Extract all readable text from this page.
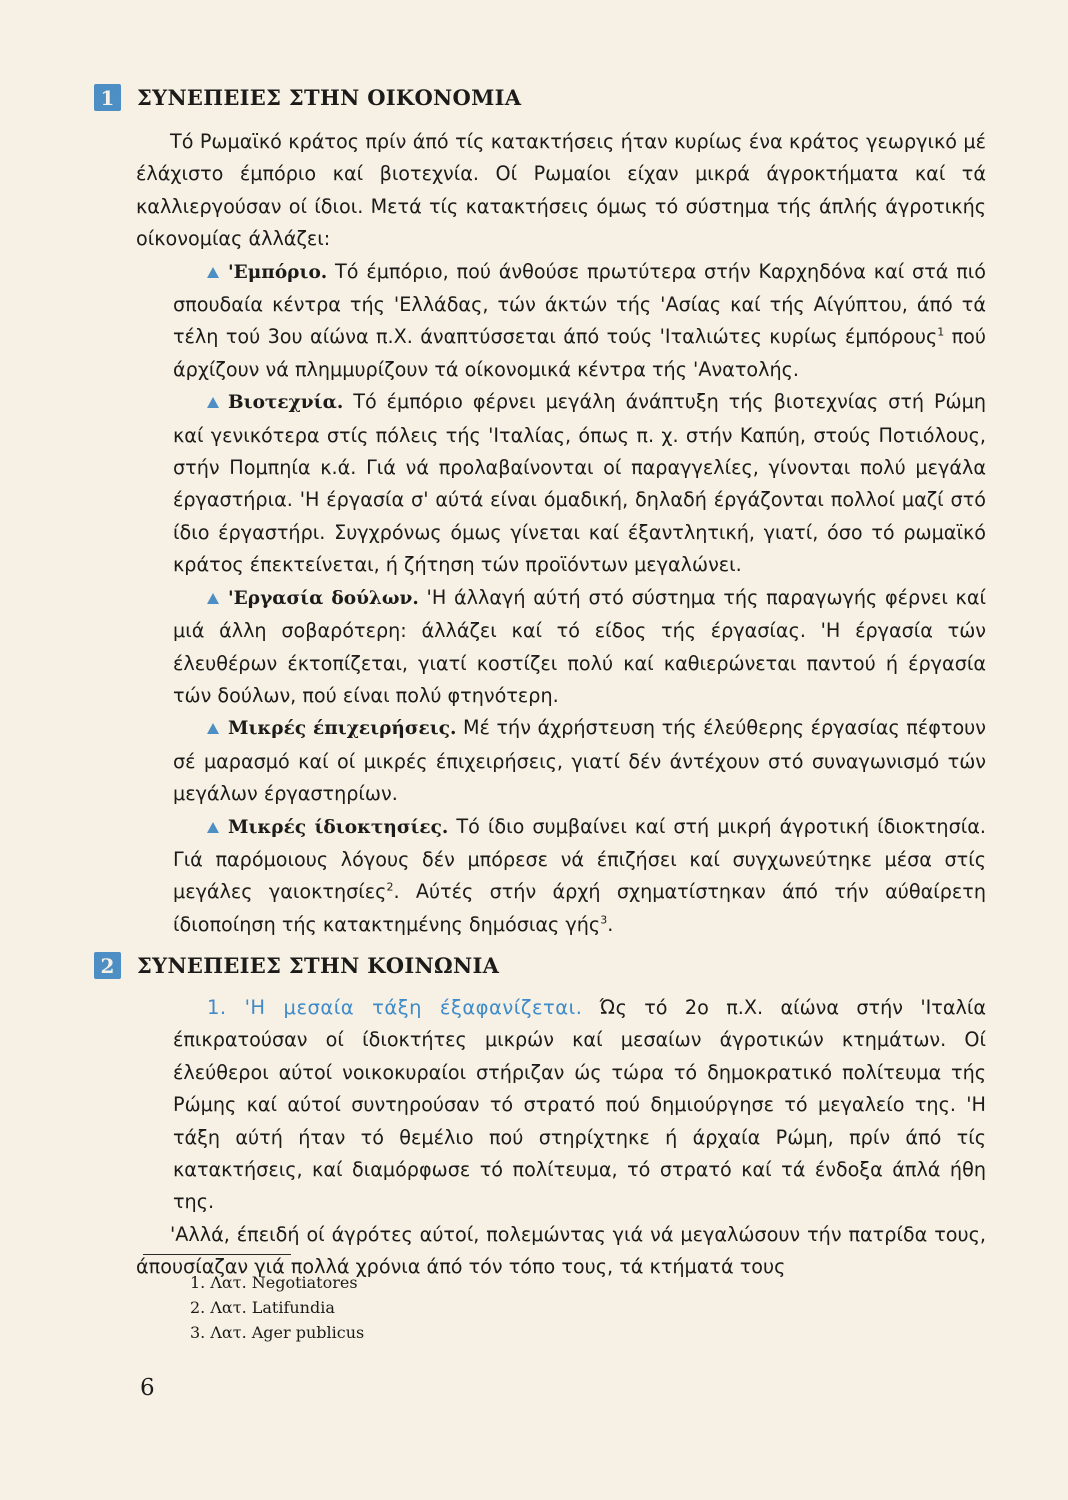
1	ΣΥΝΕΠΕΙΕΣ ΣΤΗΝ ΟΙΚΟΝΟΜΙΑ

Τό Ρωμαϊκό κράτος πρίν άπό τίς κατακτήσεις ήταν κυρίως ένα κράτος γεωργικό μέ έλάχιστο έμπόριο καί βιοτεχνία. Οί Ρωμαίοι είχαν μικρά άγροκτήματα καί τά καλλιεργούσαν οί ίδιοι. Μετά τίς κατακτήσεις όμως τό σύστημα τής άπλής άγροτικής οίκονομίας άλλάζει:

'Εμπόριο. Τό έμπόριο, πού άνθούσε πρωτύτερα στήν Καρχηδόνα καί στά πιό σπουδαία κέντρα τής 'Ελλάδας, τών άκτών τής 'Ασίας καί τής Αίγύπτου, άπό τά τέλη τού 3ου αίώνα π.Χ. άναπτύσσεται άπό τούς 'Ιταλιώτες κυρίως έμπόρους$^1$ πού άρχίζουν νά πλημμυρίζουν τά οίκονομικά κέντρα τής 'Ανατολής.

Βιοτεχνία. Τό έμπόριο φέρνει μεγάλη άνάπτυξη τής βιοτεχνίας στή Ρώμη καί γενικότερα στίς πόλεις τής 'Ιταλίας, όπως π. χ. στήν Καπύη, στούς Ποτιόλους, στήν Πομπηία κ.ά. Γιά νά προλαβαίνονται οί παραγγελίες, γίνονται πολύ μεγάλα έργαστήρια. 'Η έργασία σ' αύτά είναι όμαδική, δηλαδή έργάζονται πολλοί μαζί στό ίδιο έργαστήρι. Συγχρόνως όμως γίνεται καί έξαντλητική, γιατί, όσο τό ρωμαϊκό κράτος έπεκτείνεται, ή ζήτηση τών προϊόντων μεγαλώνει.

'Εργασία δούλων. 'Η άλλαγή αύτή στό σύστημα τής παραγωγής φέρνει καί μιά άλλη σοβαρότερη: άλλάζει καί τό είδος τής έργασίας. 'Η έργασία τών έλευθέρων έκτοπίζεται, γιατί κοστίζει πολύ καί καθιερώνεται παντού ή έργασία τών δούλων, πού είναι πολύ φτηνότερη.

Μικρές έπιχειρήσεις. Μέ τήν άχρήστευση τής έλεύθερης έργασίας πέφτουν σέ μαρασμό καί οί μικρές έπιχειρήσεις, γιατί δέν άντέχουν στό συναγωνισμό τών μεγάλων έργαστηρίων.

Μικρές ίδιοκτησίες. Τό ίδιο συμβαίνει καί στή μικρή άγροτική ίδιοκτησία. Γιά παρόμοιους λόγους δέν μπόρεσε νά έπιζήσει καί συγχωνεύτηκε μέσα στίς μεγάλες γαιοκτησίες$^2$. Αύτές στήν άρχή σχηματίστηκαν άπό τήν αύθαίρετη ίδιοποίηση τής κατακτημένης δημόσιας γής$^3$.

2	ΣΥΝΕΠΕΙΕΣ ΣΤΗΝ ΚΟΙΝΩΝΙΑ

1. 'Η μεσαία τάξη έξαφανίζεται. Ώς τό 2ο π.Χ. αίώνα στήν 'Ιταλία έπικρατούσαν οί ίδιοκτήτες μικρών καί μεσαίων άγροτικών κτημάτων. Οί έλεύθεροι αύτοί νοικοκυραίοι στήριζαν ώς τώρα τό δημοκρατικό πολίτευμα τής Ρώμης καί αύτοί συντηρούσαν τό στρατό πού δημιούργησε τό μεγαλείο της. 'Η τάξη αύτή ήταν τό θεμέλιο πού στηρίχτηκε ή άρχαία Ρώμη, πρίν άπό τίς κατακτήσεις, καί διαμόρφωσε τό πολίτευμα, τό στρατό καί τά ένδοξα άπλά ήθη της.

'Αλλά, έπειδή οί άγρότες αύτοί, πολεμώντας γιά νά μεγαλώσουν τήν πατρίδα τους, άπουσίαζαν γιά πολλά χρόνια άπό τόν τόπο τους, τά κτήματά τους

1. Λατ. Negotiatores
2. Λατ. Latifundia
3. Λατ. Ager publicus
6
